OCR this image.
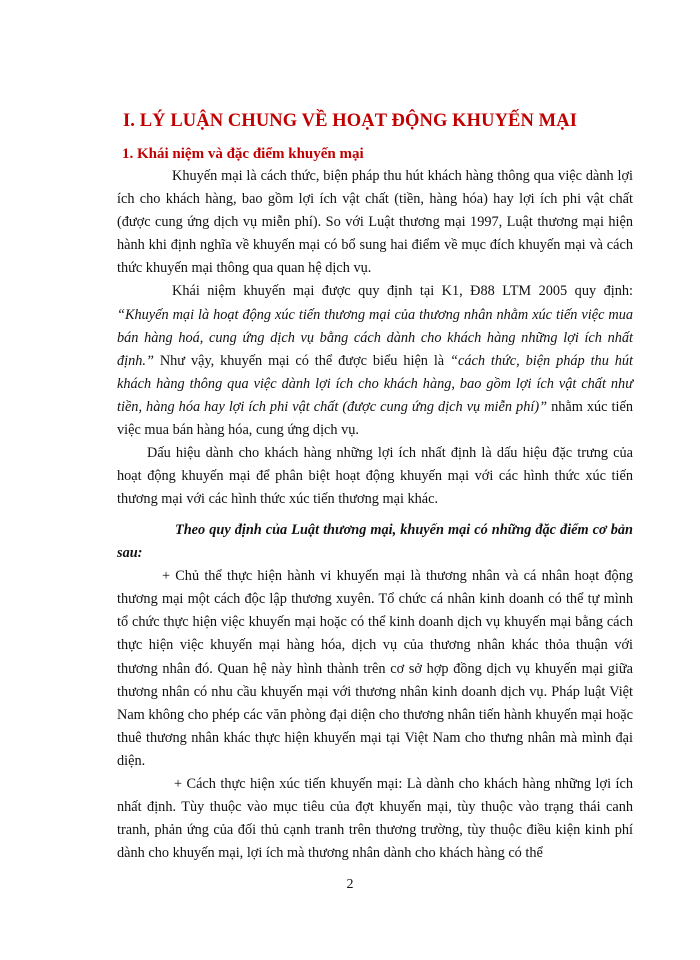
I. LÝ LUẬN CHUNG VỀ HOẠT ĐỘNG KHUYẾN MẠI
1. Khái niệm và đặc điểm khuyến mại

Khuyến mại là cách thức, biện pháp thu hút khách hàng thông qua việc dành lợi ích cho khách hàng, bao gồm lợi ích vật chất (tiền, hàng hóa) hay lợi ích phi vật chất (được cung ứng dịch vụ miễn phí). So với Luật thương mại 1997, Luật thương mại hiện hành khi định nghĩa về khuyến mại có bổ sung hai điểm về mục đích khuyến mại và cách thức khuyến mại thông qua quan hệ dịch vụ.

Khái niệm khuyến mại được quy định tại K1, Đ88 LTM 2005 quy định: “Khuyến mại là hoạt động xúc tiến thương mại của thương nhân nhằm xúc tiến việc mua bán hàng hoá, cung ứng dịch vụ bằng cách dành cho khách hàng những lợi ích nhất định.” Như vậy, khuyến mại có thể được biểu hiện là “cách thức, biện pháp thu hút khách hàng thông qua việc dành lợi ích cho khách hàng, bao gồm lợi ích vật chất như tiền, hàng hóa hay lợi ích phi vật chất (được cung ứng dịch vụ miễn phí)” nhằm xúc tiến việc mua bán hàng hóa, cung ứng dịch vụ.

Dấu hiệu dành cho khách hàng những lợi ích nhất định là dấu hiệu đặc trưng của hoạt động khuyến mại để phân biệt hoạt động khuyến mại với các hình thức xúc tiến thương mại với các hình thức xúc tiến thương mại khác.

Theo quy định của Luật thương mại, khuyến mại có những đặc điểm cơ bản sau:

+ Chủ thể thực hiện hành vi khuyến mại là thương nhân và cá nhân hoạt động thương mại một cách độc lập thương xuyên. Tổ chức cá nhân kinh doanh có thể tự mình tổ chức thực hiện việc khuyến mại hoặc có thể kinh doanh dịch vụ khuyến mại bằng cách thực hiện việc khuyến mại hàng hóa, dịch vụ của thương nhân khác thỏa thuận với thương nhân đó. Quan hệ này hình thành trên cơ sở hợp đồng dịch vụ khuyến mại giữa thương nhân có nhu cầu khuyến mại với thương nhân kinh doanh dịch vụ. Pháp luật Việt Nam không cho phép các văn phòng đại diện cho thương nhân tiến hành khuyến mại hoặc thuê thương nhân khác thực hiện khuyến mại tại Việt Nam cho thưng nhân mà mình đại diện.

+ Cách thực hiện xúc tiến khuyến mại: Là dành cho khách hàng những lợi ích nhất định. Tùy thuộc vào mục tiêu của đợt khuyến mại, tùy thuộc vào trạng thái canh tranh, phản ứng của đối thủ cạnh tranh trên thương trường, tùy thuộc điều kiện kinh phí dành cho khuyến mại, lợi ích mà thương nhân dành cho khách hàng có thể

2
